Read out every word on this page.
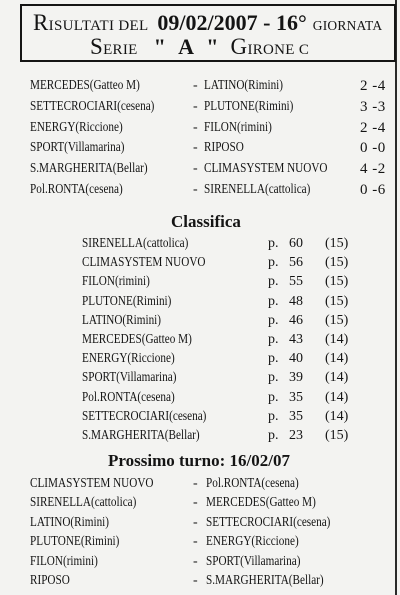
RISULTATI DEL 09/02/2007 - 16° GIORNATA
SERIE " A " GIRONE C
MERCEDES(Gatteo M)	- LATINO(Rimini)	2 -4
SETTECROCIARI(cesena)	- PLUTONE(Rimini)	3 -3
ENERGY(Riccione)	- FILON(rimini)	2 -4
SPORT(Villamarina)	- RIPOSO	0 -0
S.MARGHERITA(Bellar)	- CLIMASYSTEM NUOVO 4 -2
Pol.RONTA(cesena)	- SIRENELLA(cattolica)	0 -6
Classifica
SIRENELLA(cattolica)	p. 60 (15)
CLIMASYSTEM NUOVO	p. 56 (15)
FILON(rimini)	p. 55 (15)
PLUTONE(Rimini)	p. 48 (15)
LATINO(Rimini)	p. 46 (15)
MERCEDES(Gatteo M)	p. 43 (14)
ENERGY(Riccione)	p. 40 (14)
SPORT(Villamarina)	p. 39 (14)
Pol.RONTA(cesena)	p. 35 (14)
SETTECROCIARI(cesena)	p. 35 (14)
S.MARGHERITA(Bellar)	p. 23 (15)
Prossimo turno: 16/02/07
CLIMASYSTEM NUOVO	- Pol.RONTA(cesena)
SIRENELLA(cattolica)	- MERCEDES(Gatteo M)
LATINO(Rimini)	- SETTECROCIARI(cesena)
PLUTONE(Rimini)	- ENERGY(Riccione)
FILON(rimini)	- SPORT(Villamarina)
RIPOSO	- S.MARGHERITA(Bellar)
